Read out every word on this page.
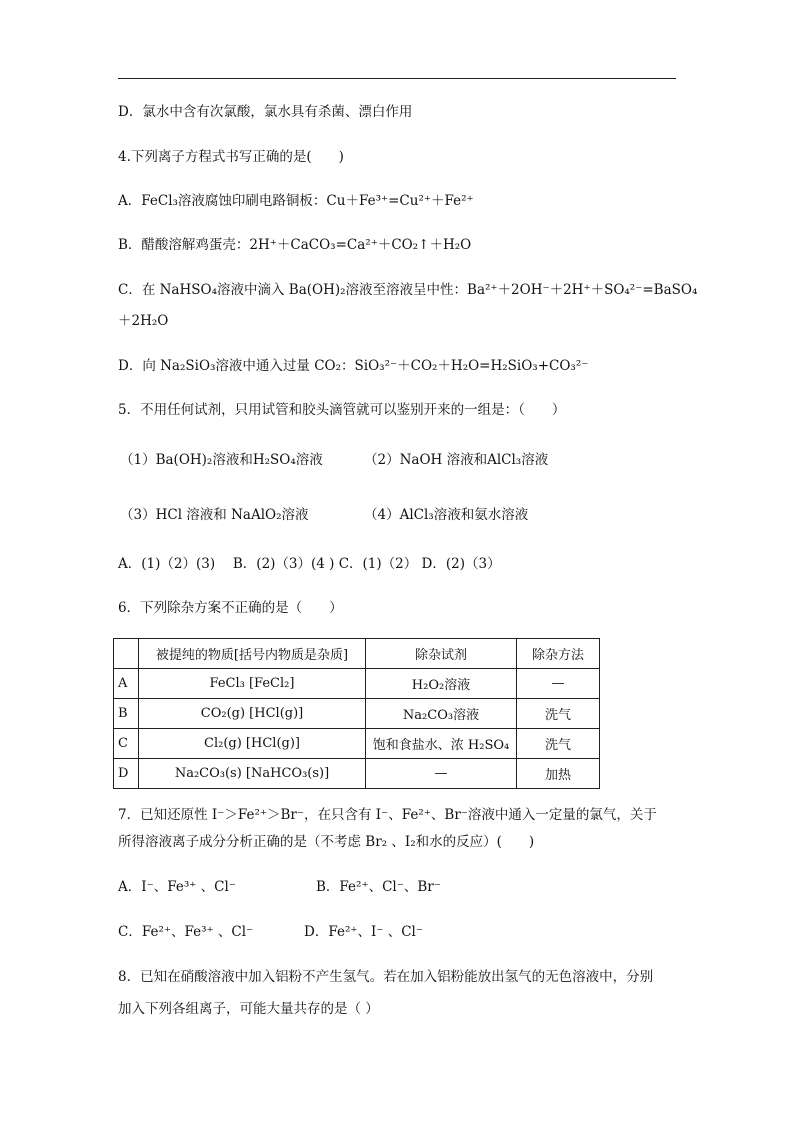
D．氯水中含有次氯酸，氯水具有杀菌、漂白作用
4.下列离子方程式书写正确的是(　　)
A．FeCl₃溶液腐蚀印刷电路铜板：Cu＋Fe³⁺=Cu²⁺＋Fe²⁺
B．醋酸溶解鸡蛋壳：2H⁺＋CaCO₃=Ca²⁺＋CO₂↑＋H₂O
C．在 NaHSO₄溶液中滴入 Ba(OH)₂溶液至溶液呈中性：Ba²⁺＋2OH⁻＋2H⁺＋SO₄²⁻=BaSO₄
＋2H₂O
D．向 Na₂SiO₃溶液中通入过量 CO₂：SiO₃²⁻＋CO₂＋H₂O=H₂SiO₃+CO₃²⁻
5．不用任何试剂，只用试管和胶头滴管就可以鉴别开来的一组是：（　　）
（1）Ba(OH)₂溶液和H₂SO₄溶液	（2）NaOH 溶液和AlCl₃溶液
（3）HCl 溶液和 NaAlO₂溶液	（4）AlCl₃溶液和氨水溶液
A．(1)（2）(3)　 B．(2)（3）(4 ) C．(1)（2） D．(2)（3）
6．下列除杂方案不正确的是（　　）
	被提纯的物质[括号内物质是杂质]	除杂试剂	除杂方法
A	FeCl₃ [FeCl₂]	H₂O₂溶液	—
B	CO₂(g) [HCl(g)]	Na₂CO₃溶液	洗气
C	Cl₂(g) [HCl(g)]	饱和食盐水、浓 H₂SO₄	洗气
D	Na₂CO₃(s) [NaHCO₃(s)]	—	加热
7．已知还原性 I⁻＞Fe²⁺＞Br⁻，在只含有 I⁻、Fe²⁺、Br⁻溶液中通入一定量的氯气，关于
所得溶液离子成分分析正确的是（不考虑 Br₂ 、I₂和水的反应）(　　)
A．I⁻、Fe³⁺ 、Cl⁻	B．Fe²⁺、Cl⁻、Br⁻
C．Fe²⁺、Fe³⁺ 、Cl⁻	D．Fe²⁺、I⁻ 、Cl⁻
8．已知在硝酸溶液中加入铝粉不产生氢气。若在加入铝粉能放出氢气的无色溶液中，分别
加入下列各组离子，可能大量共存的是（ ）
